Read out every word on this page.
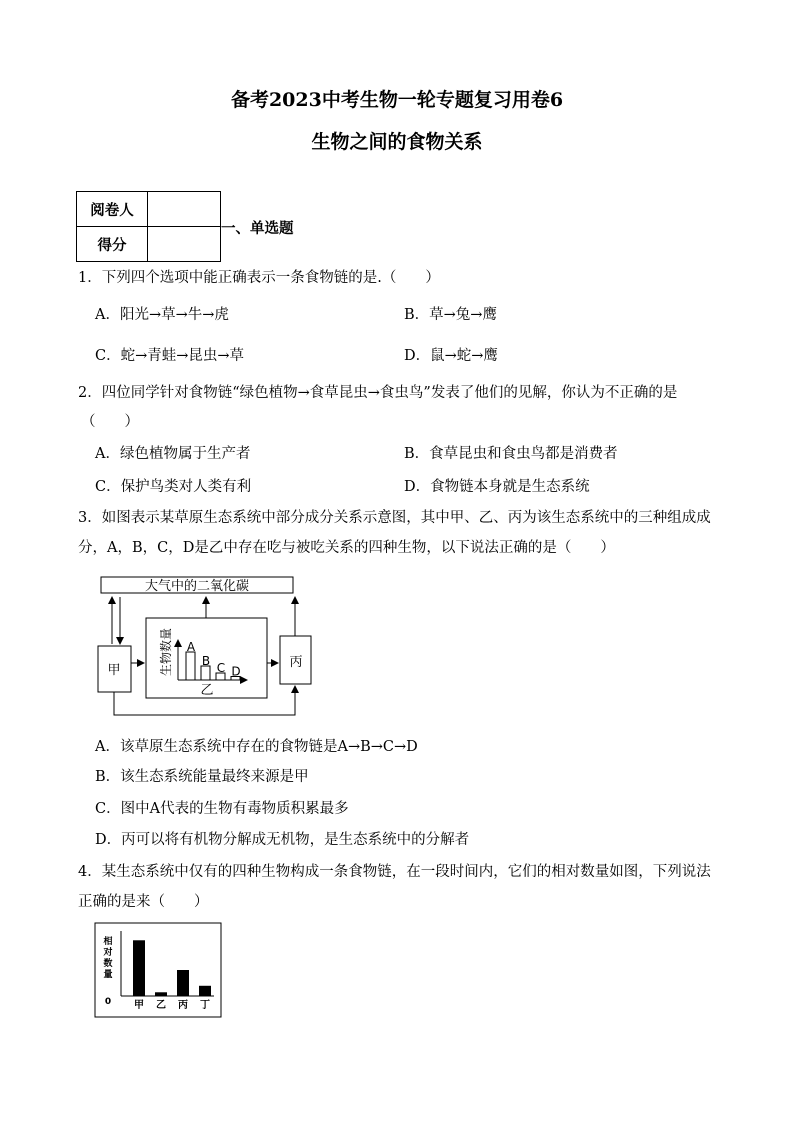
备考2023中考生物一轮专题复习用卷6
生物之间的食物关系
阅卷人	
得分	
一、单选题
1．下列四个选项中能正确表示一条食物链的是.（　　）
A．阳光→草→牛→虎	B．草→兔→鹰
C．蛇→青蛙→昆虫→草	D．鼠→蛇→鹰
2．四位同学针对食物链“绿色植物→食草昆虫→食虫鸟”发表了他们的见解，你认为不正确的是
（　　）
A．绿色植物属于生产者	B．食草昆虫和食虫鸟都是消费者
C．保护鸟类对人类有利	D．食物链本身就是生态系统
3．如图表示某草原生态系统中部分成分关系示意图，其中甲、乙、丙为该生态系统中的三种组成成
分，A，B，C，D是乙中存在吃与被吃关系的四种生物，以下说法正确的是（　　）
大气中的二氧化碳
甲
丙
生物数量 A
B C D
乙
A．该草原生态系统中存在的食物链是A→B→C→D
B．该生态系统能量最终来源是甲
C．图中A代表的生物有毒物质积累最多
D．丙可以将有机物分解成无机物，是生态系统中的分解者
4．某生态系统中仅有的四种生物构成一条食物链，在一段时间内，它们的相对数量如图，下列说法
正确的是来（　　）
相
对
数
量
0 甲 乙 丙 丁
